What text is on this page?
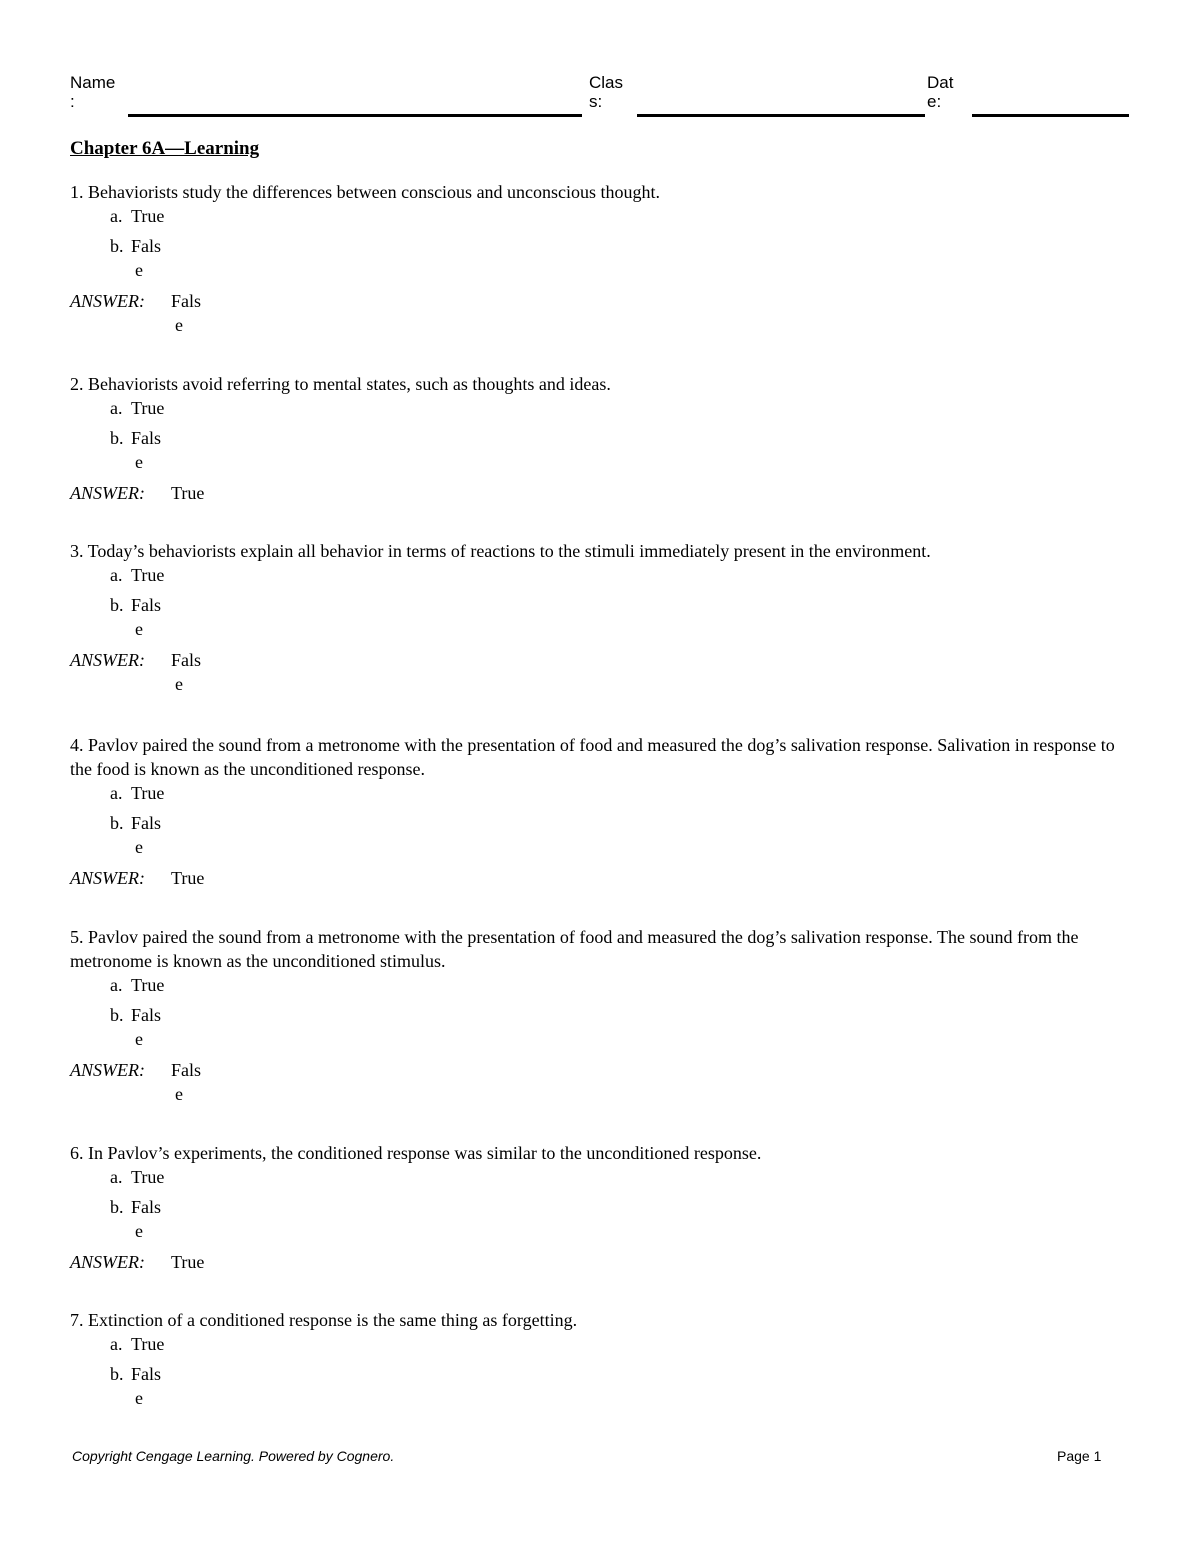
Name
:
Clas
s:
Dat
e:
Chapter 6A—Learning

1. Behaviorists study the differences between conscious and unconscious thought.

a. True
b. Fals
e
ANSWER: Fals
e

2. Behaviorists avoid referring to mental states, such as thoughts and ideas.

a. True
b. Fals
e
ANSWER: True

3. Today’s behaviorists explain all behavior in terms of reactions to the stimuli immediately present in the environment.

a. True
b. Fals
e
ANSWER: Fals
e

4. Pavlov paired the sound from a metronome with the presentation of food and measured the dog’s salivation response. Salivation in response to the food is known as the unconditioned response.

a. True
b. Fals
e
ANSWER: True

5. Pavlov paired the sound from a metronome with the presentation of food and measured the dog’s salivation response. The sound from the metronome is known as the unconditioned stimulus.

a. True
b. Fals
e
ANSWER: Fals
e

6. In Pavlov’s experiments, the conditioned response was similar to the unconditioned response.

a. True
b. Fals
e
ANSWER: True

7. Extinction of a conditioned response is the same thing as forgetting.

a. True
b. Fals
e
Copyright Cengage Learning. Powered by Cognero.	Page 1
